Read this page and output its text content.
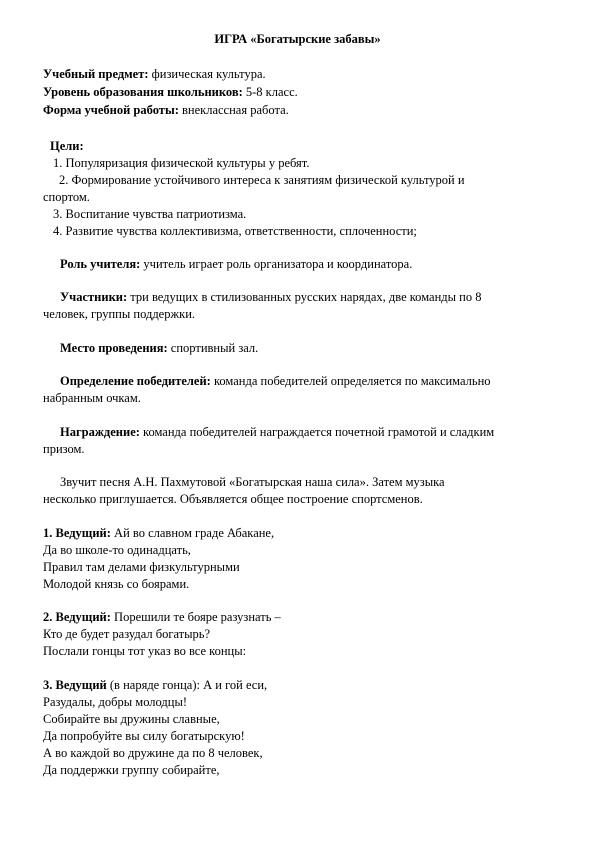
ИГРА «Богатырские забавы»
Учебный предмет: физическая культура.
Уровень образования школьников: 5-8 класс.
Форма учебной работы: внеклассная работа.
Цели:
1. Популяризация физической культуры у ребят.
2. Формирование устойчивого интереса к занятиям физической культурой и
спортом.
3. Воспитание чувства патриотизма.
4. Развитие чувства коллективизма, ответственности, сплоченности;
Роль учителя: учитель играет роль организатора и координатора.
Участники: три ведущих в стилизованных русских нарядах, две команды по 8
человек, группы поддержки.
Место проведения: спортивный зал.
Определение победителей: команда победителей определяется по максимально
набранным очкам.
Награждение: команда победителей награждается почетной грамотой и сладким
призом.
Звучит песня А.Н. Пахмутовой «Богатырская наша сила». Затем музыка
несколько приглушается. Объявляется общее построение спортсменов.
1. Ведущий: Ай во славном граде Абакане,
Да во школе-то одинадцать,
Правил там делами физкультурными
Молодой князь со боярами.
2. Ведущий: Порешили те бояре разузнать –
Кто де будет разудал богатырь?
Послали гонцы тот указ во все концы:
3. Ведущий (в наряде гонца): А и гой еси,
Разудалы, добры молодцы!
Собирайте вы дружины славные,
Да попробуйте вы силу богатырскую!
А во каждой во дружине да по 8 человек,
Да поддержки группу собирайте,
